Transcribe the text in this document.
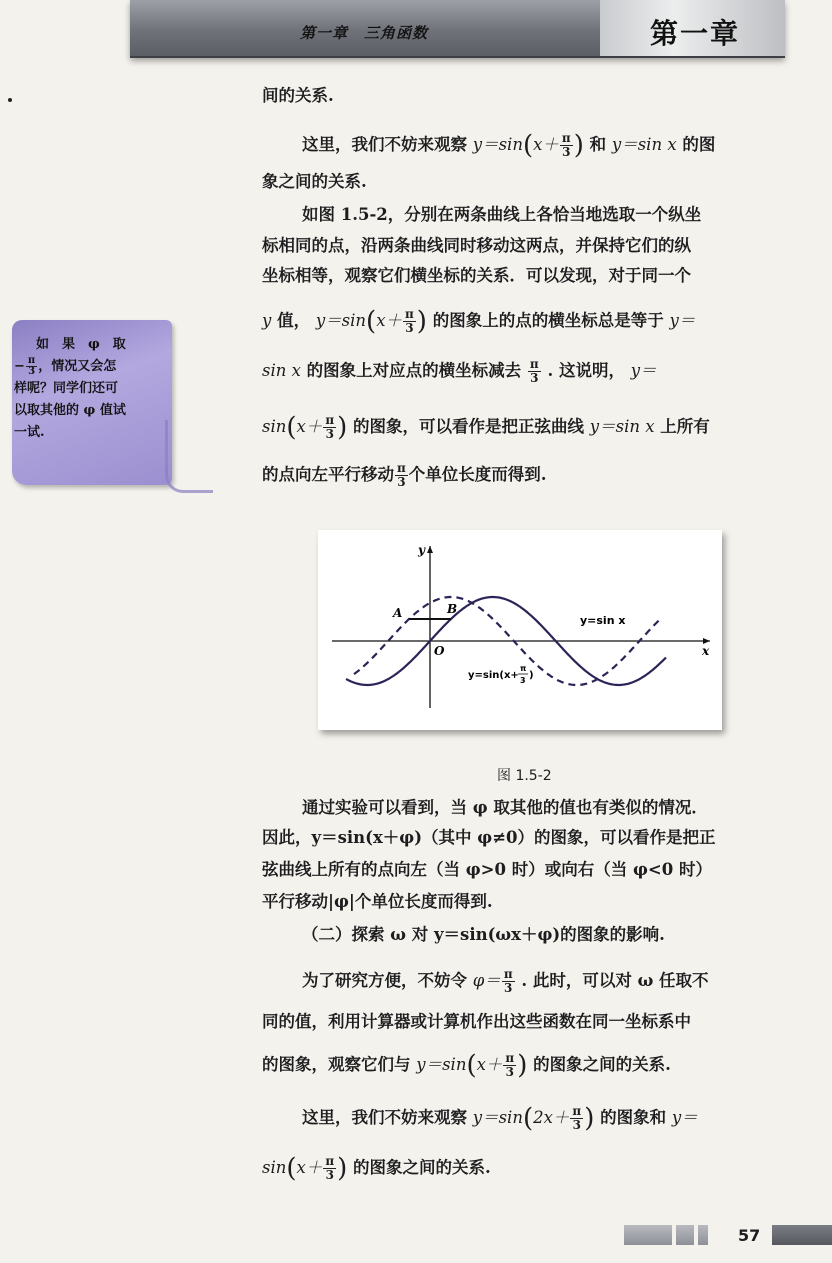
第一章　三角函数	第一章
间的关系.
这里，我们不妨来观察 $y=\sin(x+ \frac{\pi}{3}$ ) 和 y＝sin x 的图
象之间的关系.
如图 1.5-2，分别在两条曲线上各恰当地选取一个纵坐
标相同的点，沿两条曲线同时移动这两点，并保持它们的纵
坐标相等，观察它们横坐标的关系．可以发现，对于同一个
y 值， $y=\sin(x+ \frac{\pi}{3}$ ) 的图象上的点的横坐标总是等于 y＝
sin x 的图象上对应点的横坐标减去 $\frac{\pi}{3}$ . 这说明， y＝
$\sin(x+ \frac{\pi}{3}$ ) 的图象，可以看作是把正弦曲线 y＝sin x 上所有
的点向左平行移动 $\frac{\pi}{3}$ 个单位长度而得到.
如　果　φ　取
− $\frac{\pi}{3}$ ，情况又会怎
样呢？同学们还可
以取其他的 φ 值试
一试.
A	B
O	x
y
y=sin x
y=sin(x+
π
3 )
图 1.5-2
通过实验可以看到，当 φ 取其他的值也有类似的情况．
因此，y＝sin(x＋φ)（其中 φ≠0）的图象，可以看作是把正
弦曲线上所有的点向左（当 φ>0 时）或向右（当 φ<0 时）
平行移动|φ|个单位长度而得到.
（二）探索 ω 对 y＝sin(ωx＋φ)的图象的影响.
为了研究方便，不妨令 $\varphi= \frac{\pi}{3}$ . 此时，可以对 ω 任取不
同的值，利用计算器或计算机作出这些函数在同一坐标系中
的图象，观察它们与 $y=\sin(x+ \frac{\pi}{3}$ ) 的图象之间的关系.
这里，我们不妨来观察 $y=\sin(2x+ \frac{\pi}{3}$ ) 的图象和 y＝
$\sin(x+ \frac{\pi}{3}$ ) 的图象之间的关系.
57
